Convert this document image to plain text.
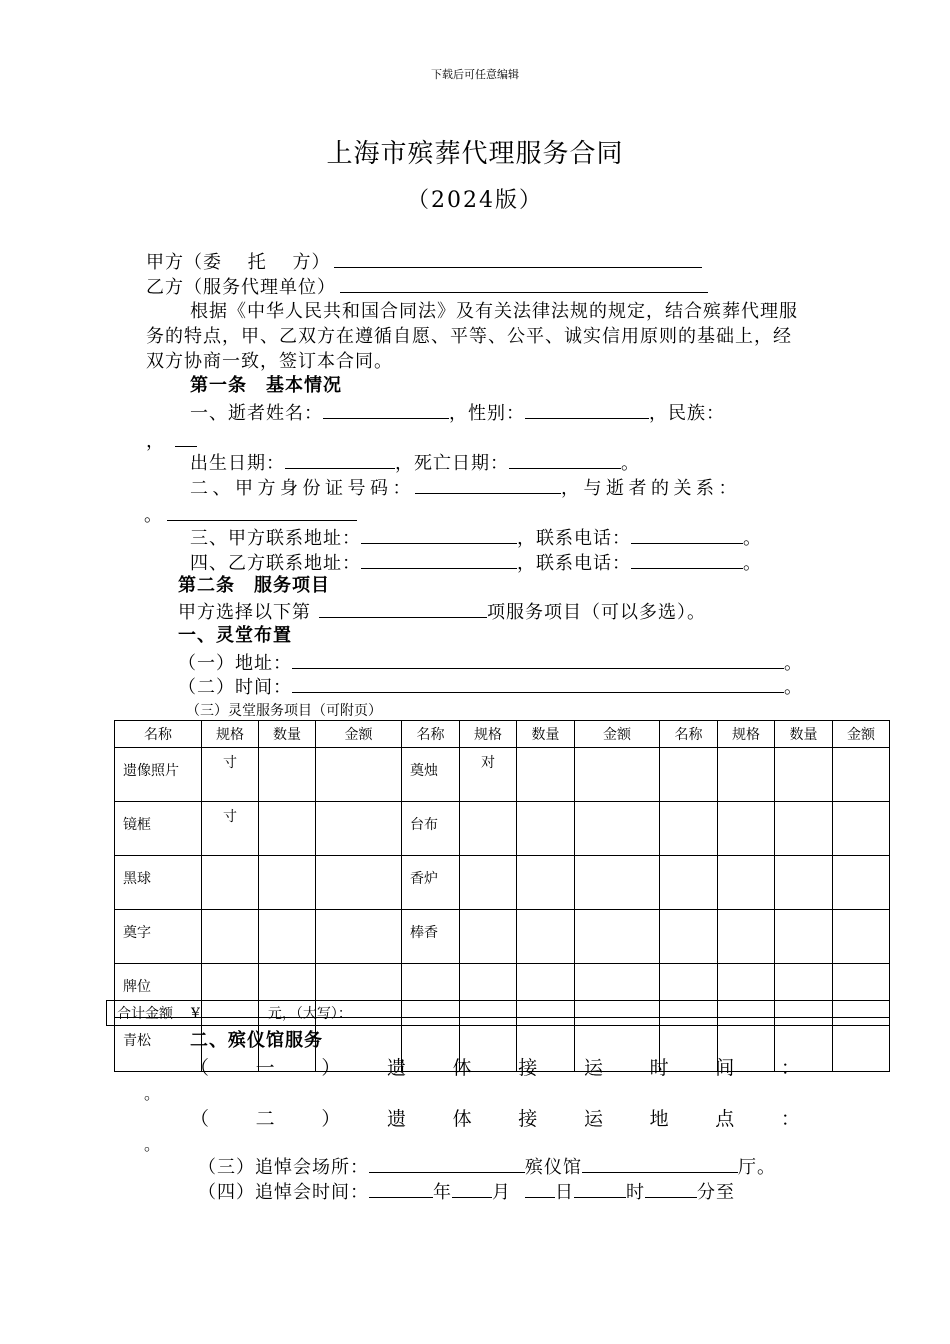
下载后可任意编辑
上海市殡葬代理服务合同
（2024版）
甲方（委　 托 　方）
乙方（服务代理单位）
根据《中华人民共和国合同法》及有关法律法规的规定，结合殡葬代理服务的特点，甲、乙双方在遵循自愿、平等、公平、诚实信用原则的基础上，经双方协商一致，签订本合同。
第一条　基本情况
一、逝者姓名：	，性别：	，民族：
，
出生日期：	，死亡日期：	。
二、甲方身份证号码：	，与逝者的关系：
。
三、甲方联系地址：	，联系电话：	。
四、乙方联系地址：	，联系电话：	。
第二条　服务项目
甲方选择以下第	项服务项目（可以多选）。
一、灵堂布置
（一）地址：	。
（二）时间：	。
（三）灵堂服务项目（可附页）
名称	规格	数量	金额	名称	规格	数量	金额	名称	规格	数量	金额
遗像照片	寸			奠烛	对						
镜框	寸			台布							
黑球				香炉							
奠字				棒香							
牌位											
青松											
合计金额 ¥	元，（大写）：
二、殡仪馆服务
（ 一 ） 遗 体 接 运 时 间 ：
。
（ 二 ） 遗 体 接 运 地 点 ：
。
（三）追悼会场所：	殡仪馆	厅。
（四）追悼会时间：	年 月 日	时	分至
